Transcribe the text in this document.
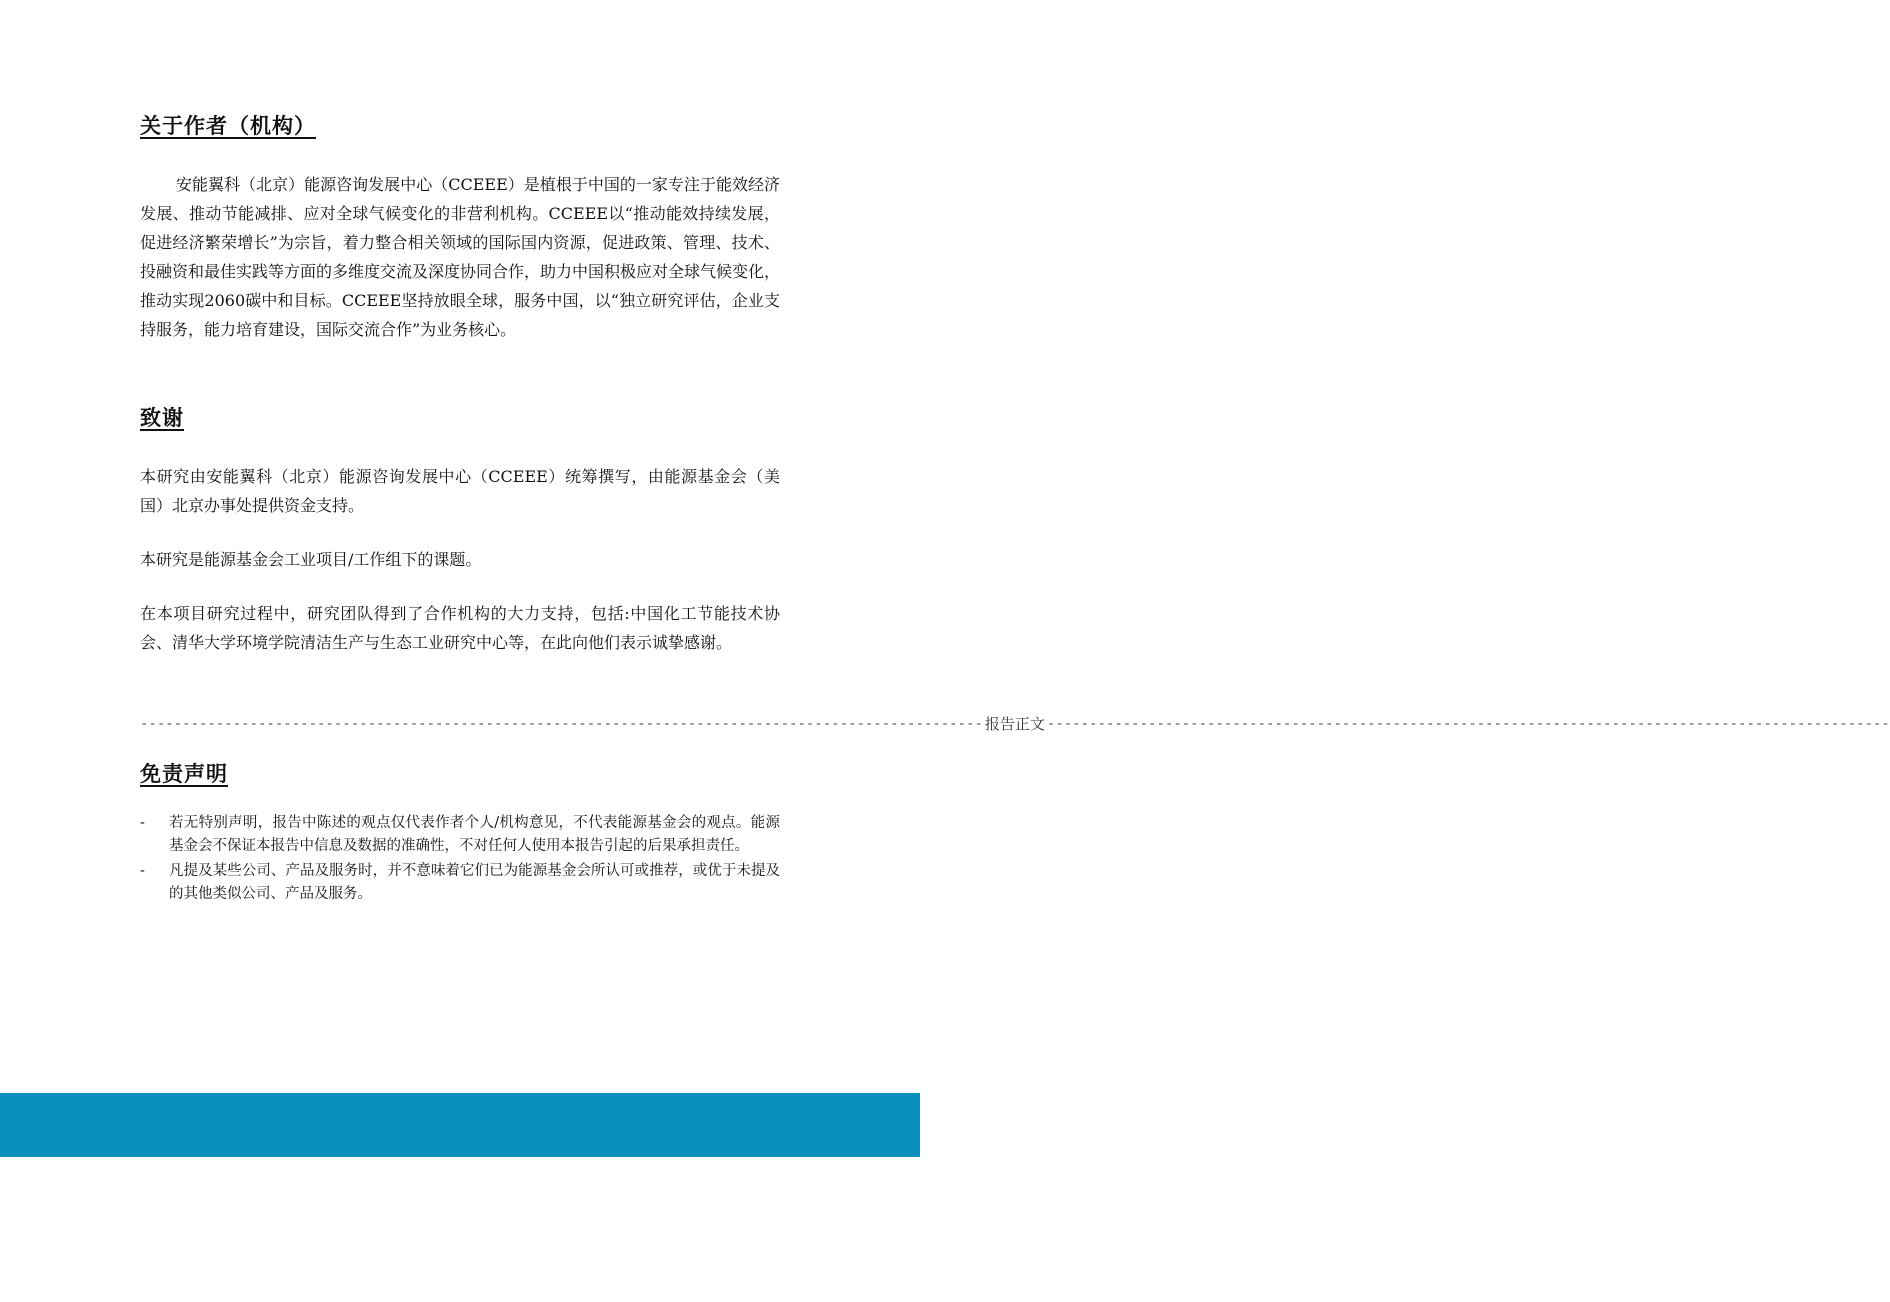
关于作者（机构）

安能翼科（北京）能源咨询发展中心（CCEEE）是植根于中国的一家专注于能效经济发展、推动节能减排、应对全球气候变化的非营利机构。CCEEE以“推动能效持续发展，促进经济繁荣增长”为宗旨，着力整合相关领域的国际国内资源，促进政策、管理、技术、投融资和最佳实践等方面的多维度交流及深度协同合作，助力中国积极应对全球气候变化，推动实现2060碳中和目标。CCEEE坚持放眼全球，服务中国，以“独立研究评估，企业支持服务，能力培育建设，国际交流合作”为业务核心。

致谢

本研究由安能翼科（北京）能源咨询发展中心（CCEEE）统筹撰写，由能源基金会（美国）北京办事处提供资金支持。

本研究是能源基金会工业项目/工作组下的课题。

在本项目研究过程中，研究团队得到了合作机构的大力支持，包括:中国化工节能技术协会、清华大学环境学院清洁生产与生态工业研究中心等，在此向他们表示诚挚感谢。

---------------------------------------------------------------------------------------------------- 报告正文 ----------------------------------------------------------------------------------------------------
免责声明
- 若无特别声明，报告中陈述的观点仅代表作者个人/机构意见，不代表能源基金会的观点。能源基金会不保证本报告中信息及数据的准确性，不对任何人使用本报告引起的后果承担责任。
- 凡提及某些公司、产品及服务时，并不意味着它们已为能源基金会所认可或推荐，或优于未提及的其他类似公司、产品及服务。
